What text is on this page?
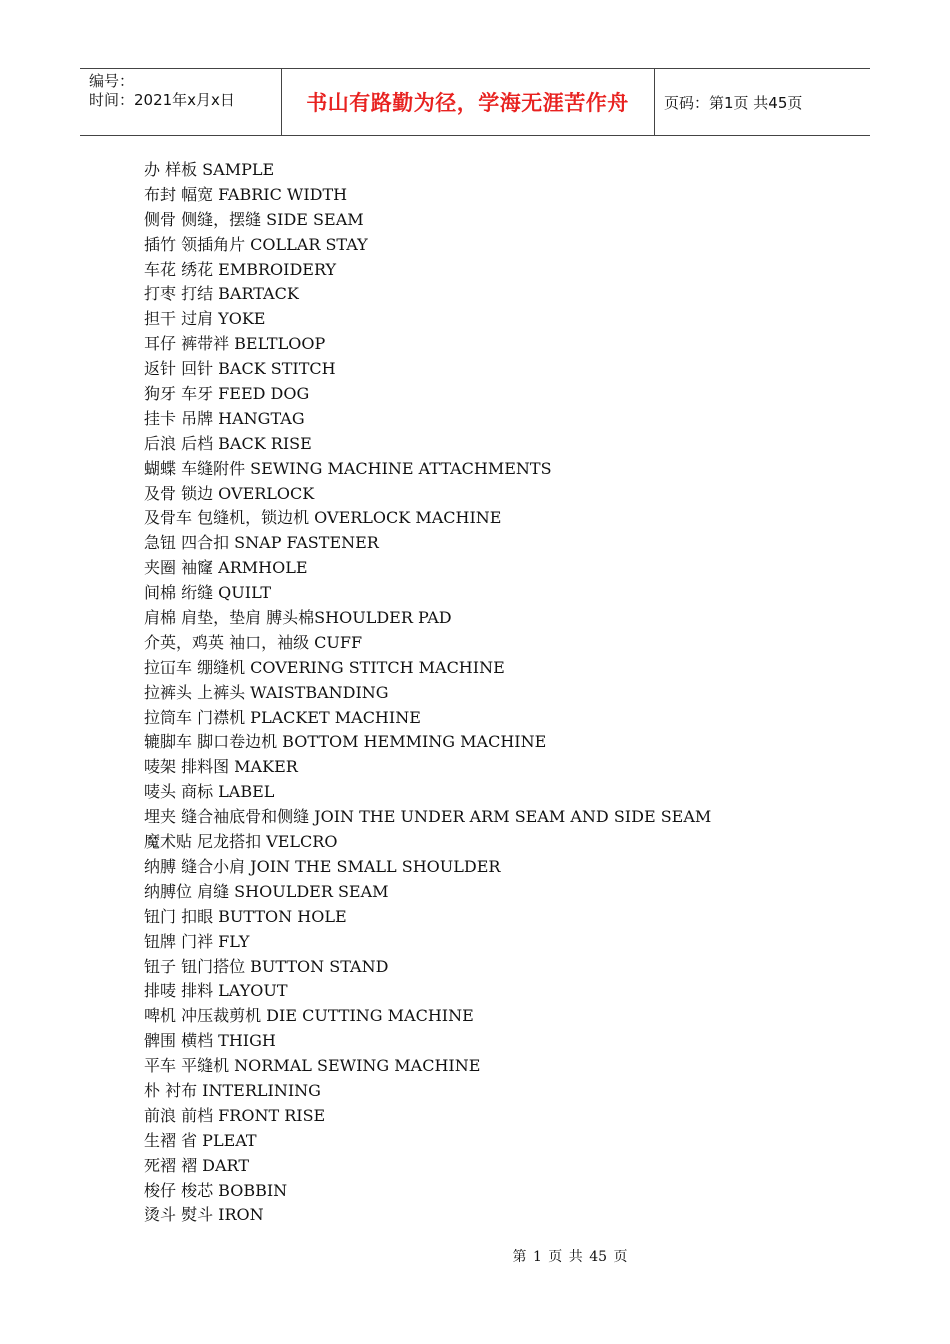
编号：
时间：2021年x月x日	书山有路勤为径，学海无涯苦作舟 页码：第1页 共45页
办 样板 SAMPLE
布封 幅宽 FABRIC WIDTH
侧骨 侧缝，摆缝 SIDE SEAM
插竹 领插角片 COLLAR STAY
车花 绣花 EMBROIDERY
打枣 打结 BARTACK
担干 过肩 YOKE
耳仔 裤带袢 BELTLOOP
返针 回针 BACK STITCH
狗牙 车牙 FEED DOG
挂卡 吊牌 HANGTAG
后浪 后档 BACK RISE
蝴蝶 车缝附件 SEWING MACHINE ATTACHMENTS
及骨 锁边 OVERLOCK
及骨车 包缝机，锁边机 OVERLOCK MACHINE
急钮 四合扣 SNAP FASTENER
夹圈 袖窿 ARMHOLE
间棉 绗缝 QUILT
肩棉 肩垫，垫肩 膊头棉SHOULDER PAD
介英，鸡英 袖口，袖级 CUFF
拉冚车 绷缝机 COVERING STITCH MACHINE
拉裤头 上裤头 WAISTBANDING
拉筒车 门襟机 PLACKET MACHINE
辘脚车 脚口卷边机 BOTTOM HEMMING MACHINE
唛架 排料图 MAKER
唛头 商标 LABEL
埋夹 缝合袖底骨和侧缝 JOIN THE UNDER ARM SEAM AND SIDE SEAM
魔术贴 尼龙搭扣 VELCRO
纳膊 缝合小肩 JOIN THE SMALL SHOULDER
纳膊位 肩缝 SHOULDER SEAM
钮门 扣眼 BUTTON HOLE
钮牌 门袢 FLY
钮子 钮门搭位 BUTTON STAND
排唛 排料 LAYOUT
啤机 冲压裁剪机 DIE CUTTING MACHINE
髀围 横档 THIGH
平车 平缝机 NORMAL SEWING MACHINE
朴 衬布 INTERLINING
前浪 前档 FRONT RISE
生褶 省 PLEAT
死褶 褶 DART
梭仔 梭芯 BOBBIN
烫斗 熨斗 IRON
第 1 页 共 45 页
